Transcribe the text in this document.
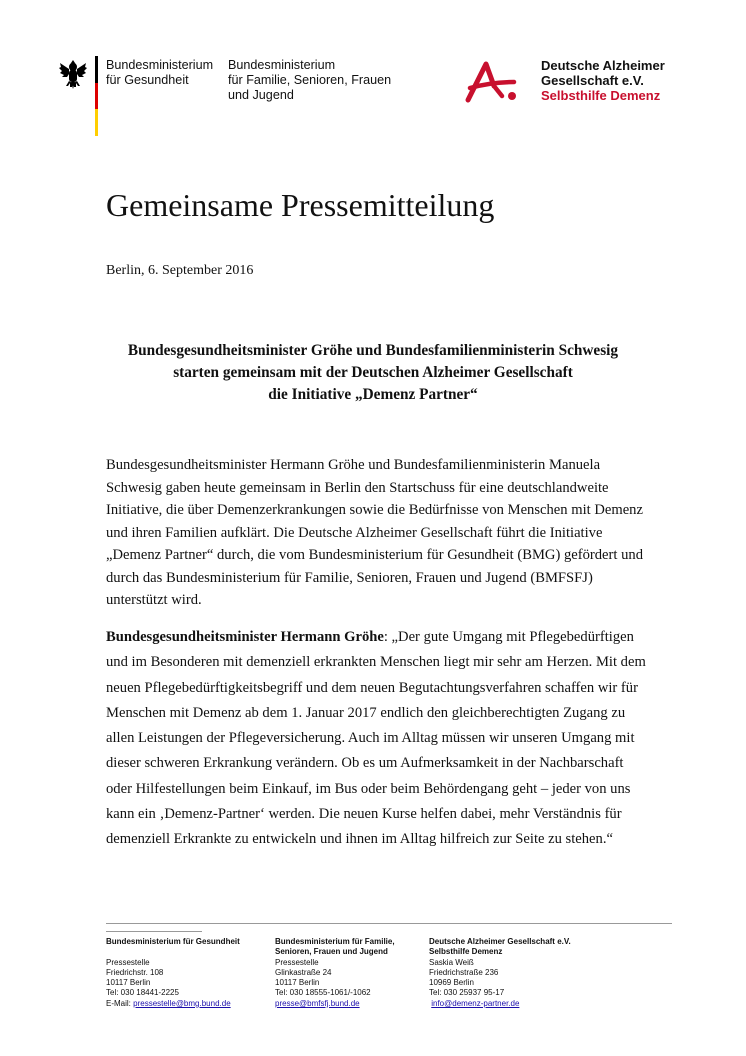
Bundesministerium
für Gesundheit
Bundesministerium
für Familie, Senioren, Frauen
und Jugend
Deutsche Alzheimer
Gesellschaft e.V.
Selbsthilfe Demenz
Gemeinsame Pressemitteilung
Berlin, 6. September 2016
Bundesgesundheitsminister Gröhe und Bundesfamilienministerin Schwesig
starten gemeinsam mit der Deutschen Alzheimer Gesellschaft
die Initiative „Demenz Partner“
Bundesgesundheitsminister Hermann Gröhe und Bundesfamilienministerin Manuela
Schwesig gaben heute gemeinsam in Berlin den Startschuss für eine deutschlandweite
Initiative, die über Demenzerkrankungen sowie die Bedürfnisse von Menschen mit Demenz
und ihren Familien aufklärt. Die Deutsche Alzheimer Gesellschaft führt die Initiative
„Demenz Partner“ durch, die vom Bundesministerium für Gesundheit (BMG) gefördert und
durch das Bundesministerium für Familie, Senioren, Frauen und Jugend (BMFSFJ)
unterstützt wird.
Bundesgesundheitsminister Hermann Gröhe: „Der gute Umgang mit Pflegebedürftigen
und im Besonderen mit demenziell erkrankten Menschen liegt mir sehr am Herzen. Mit dem
neuen Pflegebedürftigkeitsbegriff und dem neuen Begutachtungsverfahren schaffen wir für
Menschen mit Demenz ab dem 1. Januar 2017 endlich den gleichberechtigten Zugang zu
allen Leistungen der Pflegeversicherung. Auch im Alltag müssen wir unseren Umgang mit
dieser schweren Erkrankung verändern. Ob es um Aufmerksamkeit in der Nachbarschaft
oder Hilfestellungen beim Einkauf, im Bus oder beim Behördengang geht – jeder von uns
kann ein ‚Demenz-Partner‘ werden. Die neuen Kurse helfen dabei, mehr Verständnis für
demenziell Erkrankte zu entwickeln und ihnen im Alltag hilfreich zur Seite zu stehen.“
Bundesministerium für Gesundheit

Pressestelle
Friedrichstr. 108
10117 Berlin
Tel: 030 18441-2225
E-Mail: pressestelle@bmg.bund.de
Bundesministerium für Familie,
Senioren, Frauen und Jugend
Pressestelle
Glinkastraße 24
10117 Berlin
Tel: 030 18555-1061/-1062
presse@bmfsfj.bund.de
Deutsche Alzheimer Gesellschaft e.V.
Selbsthilfe Demenz
Saskia Weiß
Friedrichstraße 236
10969 Berlin
Tel: 030 25937 95-17
info@demenz-partner.de
